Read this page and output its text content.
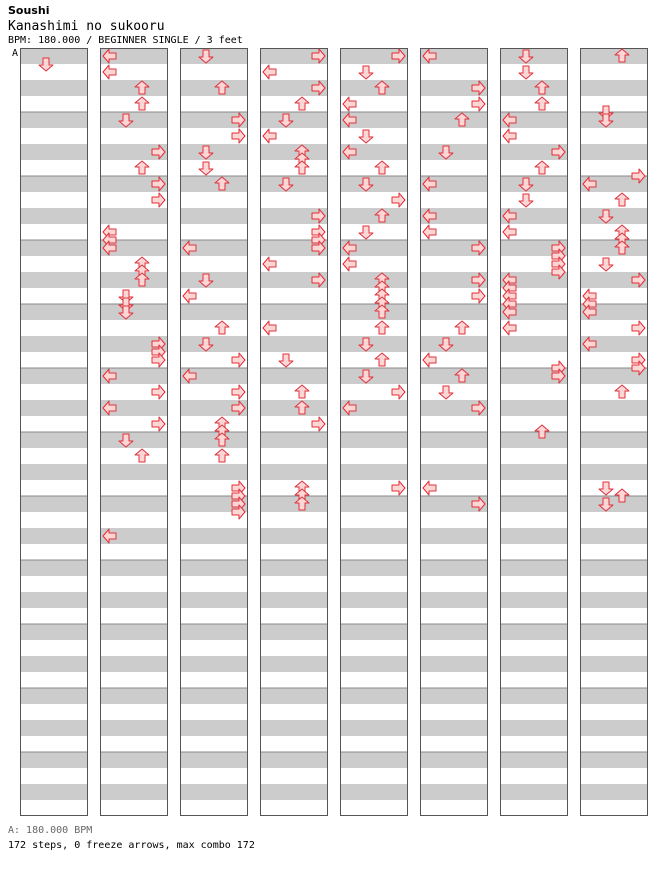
Soushi
Kanashimi no sukooru
BPM: 180.000 / BEGINNER SINGLE / 3 feet
A
A: 180.000 BPM
172 steps, 0 freeze arrows, max combo 172
